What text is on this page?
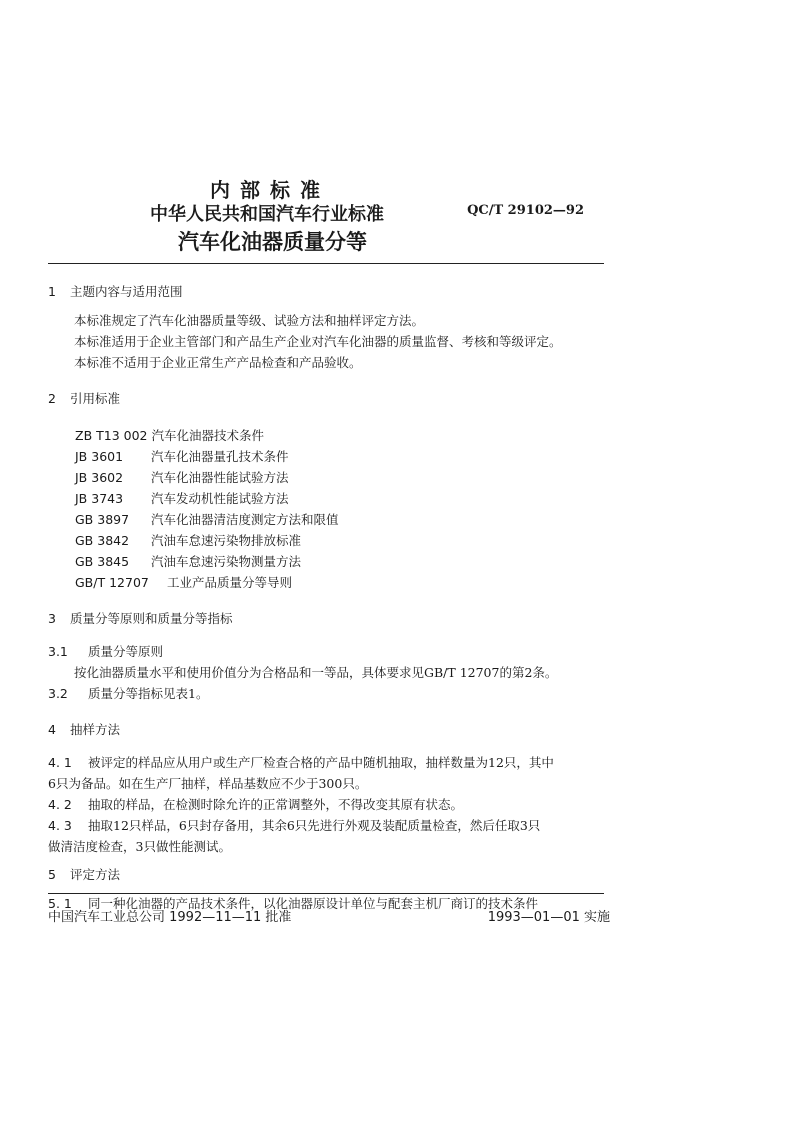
内部标准
中华人民共和国汽车行业标准	QC/T 29102—92
汽车化油器质量分等
1 主题内容与适用范围
本标准规定了汽车化油器质量等级、试验方法和抽样评定方法。
本标准适用于企业主管部门和产品生产企业对汽车化油器的质量监督、考核和等级评定。
本标准不适用于企业正常生产产品检查和产品验收。
2 引用标准
ZB T13 002 汽车化油器技术条件
JB 3601 汽车化油器量孔技术条件
JB 3602 汽车化油器性能试验方法
JB 3743 汽车发动机性能试验方法
GB 3897 汽车化油器清洁度测定方法和限值
GB 3842 汽油车怠速污染物排放标准
GB 3845 汽油车怠速污染物测量方法
GB/T 12707 工业产品质量分等导则
3 质量分等原则和质量分等指标
3.1 质量分等原则
按化油器质量水平和使用价值分为合格品和一等品，具体要求见GB/T 12707的第2条。
3.2 质量分等指标见表1。
4 抽样方法
4. 1 被评定的样品应从用户或生产厂检查合格的产品中随机抽取，抽样数量为12只，其中
6只为备品。如在生产厂抽样，样品基数应不少于300只。
4. 2 抽取的样品，在检测时除允许的正常调整外，不得改变其原有状态。
4. 3 抽取12只样品，6只封存备用，其余6只先进行外观及装配质量检查，然后任取3只
做清洁度检查，3只做性能测试。
5 评定方法
5. 1 同一种化油器的产品技术条件，以化油器原设计单位与配套主机厂商订的技术条件
中国汽车工业总公司 1992—11—11 批准	1993—01—01 实施
